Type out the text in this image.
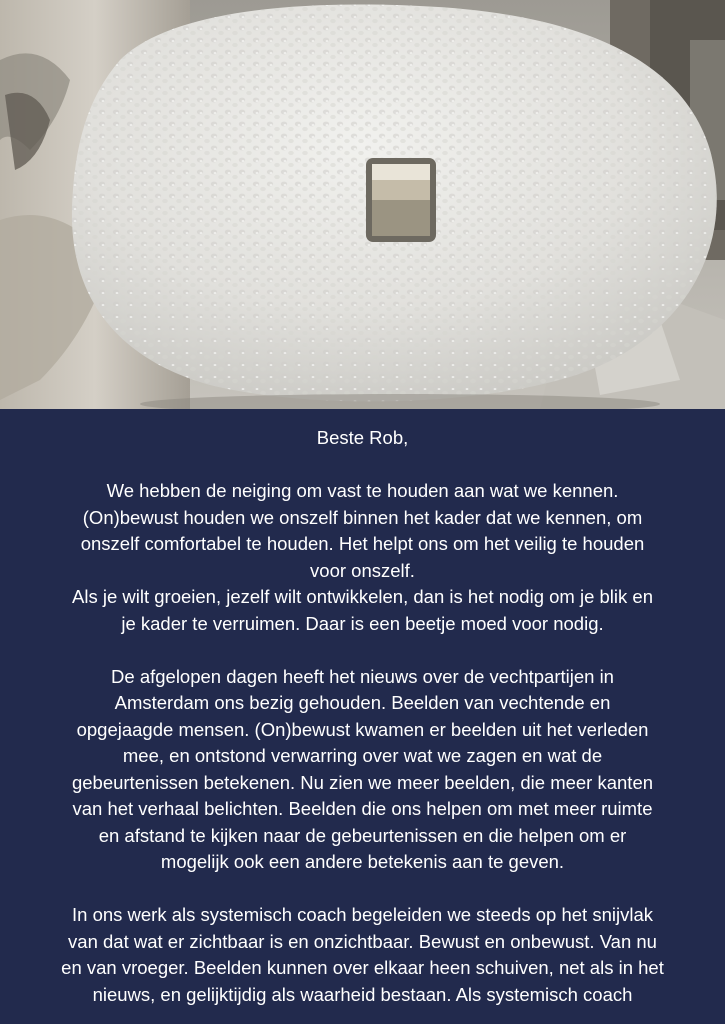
Beste Rob,

We hebben de neiging om vast te houden aan wat we kennen.
(On)bewust houden we onszelf binnen het kader dat we kennen, om
onszelf comfortabel te houden. Het helpt ons om het veilig te houden
voor onszelf.
Als je wilt groeien, jezelf wilt ontwikkelen, dan is het nodig om je blik en
je kader te verruimen. Daar is een beetje moed voor nodig.

De afgelopen dagen heeft het nieuws over de vechtpartijen in
Amsterdam ons bezig gehouden. Beelden van vechtende en
opgejaagde mensen. (On)bewust kwamen er beelden uit het verleden
mee, en ontstond verwarring over wat we zagen en wat de
gebeurtenissen betekenen. Nu zien we meer beelden, die meer kanten
van het verhaal belichten. Beelden die ons helpen om met meer ruimte
en afstand te kijken naar de gebeurtenissen en die helpen om er
mogelijk ook een andere betekenis aan te geven.

In ons werk als systemisch coach begeleiden we steeds op het snijvlak
van dat wat er zichtbaar is en onzichtbaar. Bewust en onbewust. Van nu
en van vroeger. Beelden kunnen over elkaar heen schuiven, net als in het
nieuws, en gelijktijdig als waarheid bestaan. Als systemisch coach
